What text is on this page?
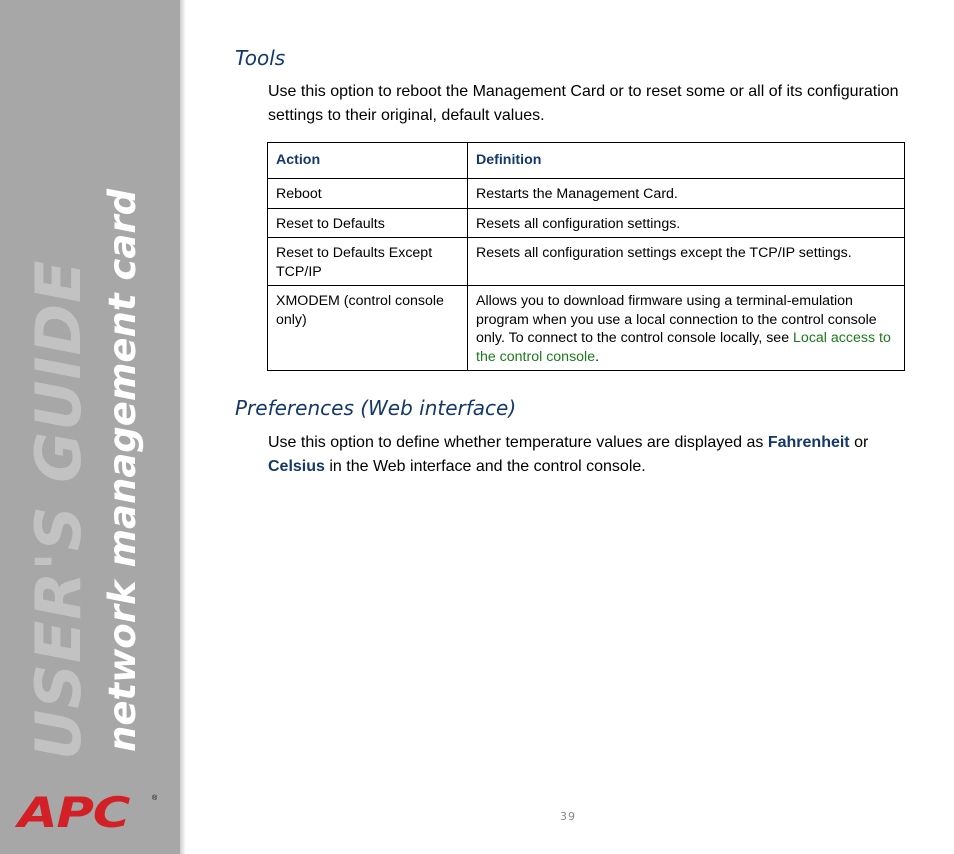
USER'S GUIDE network management card
APC	®
Tools

Use this option to reboot the Management Card or to reset some or all of its configuration settings to their original, default values.

Action	Definition
Reboot	Restarts the Management Card.
Reset to Defaults	Resets all configuration settings.
Reset to Defaults Except TCP/IP	Resets all configuration settings except the TCP/IP settings.
XMODEM (control console only)	Allows you to download firmware using a terminal-emulation program when you use a local connection to the control console only. To connect to the control console locally, see Local access to the control console.
Preferences (Web interface)

Use this option to define whether temperature values are displayed as Fahrenheit or Celsius in the Web interface and the control console.

39
